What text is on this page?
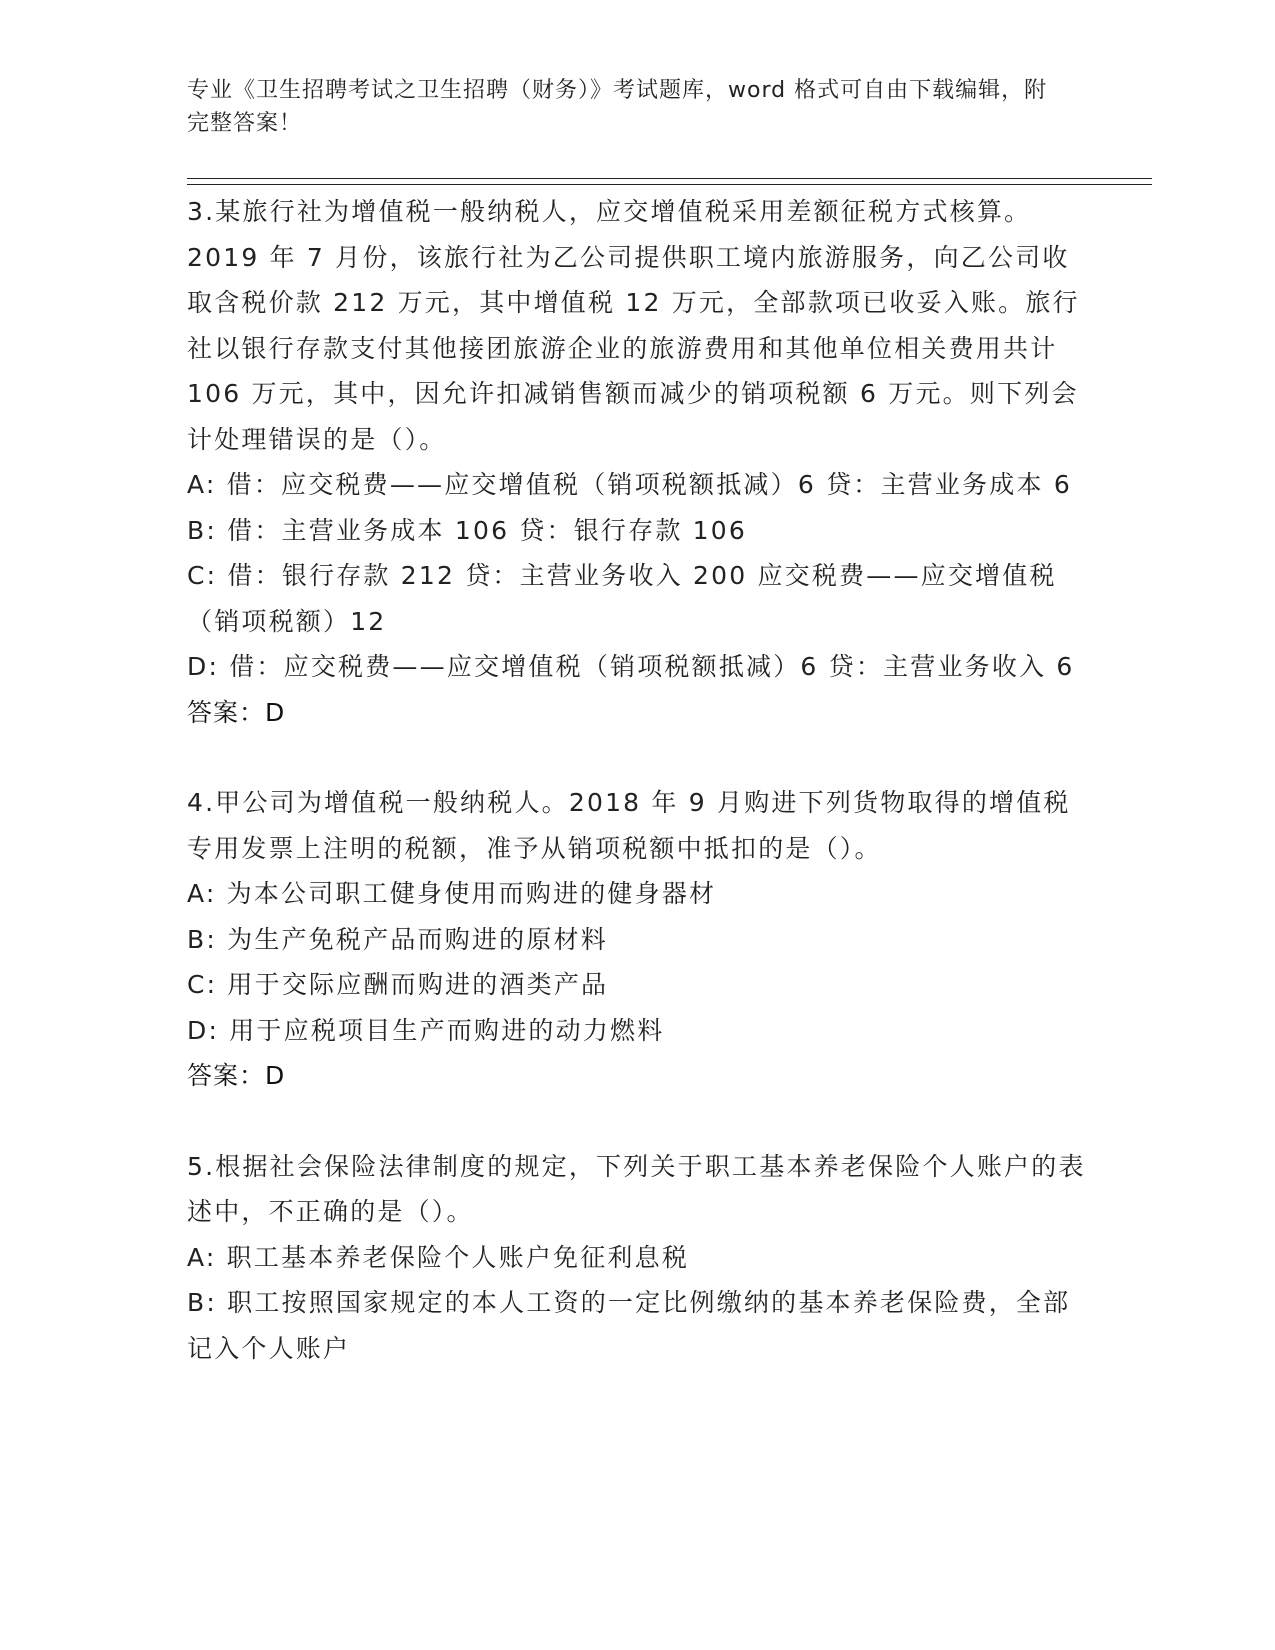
专业《卫生招聘考试之卫生招聘（财务）》考试题库，word 格式可自由下载编辑，附完整答案！
3.某旅行社为增值税一般纳税人，应交增值税采用差额征税方式核算。2019 年 7 月份，该旅行社为乙公司提供职工境内旅游服务，向乙公司收取含税价款 212 万元，其中增值税 12 万元，全部款项已收妥入账。旅行社以银行存款支付其他接团旅游企业的旅游费用和其他单位相关费用共计 106 万元，其中，因允许扣减销售额而减少的销项税额 6 万元。则下列会计处理错误的是（）。
A: 借：应交税费——应交增值税（销项税额抵减）6 贷：主营业务成本 6
B: 借：主营业务成本 106 贷：银行存款 106
C: 借：银行存款 212 贷：主营业务收入 200 应交税费——应交增值税（销项税额）12
D: 借：应交税费——应交增值税（销项税额抵减）6 贷：主营业务收入 6
答案：D
4.甲公司为增值税一般纳税人。2018 年 9 月购进下列货物取得的增值税专用发票上注明的税额，准予从销项税额中抵扣的是（）。
A: 为本公司职工健身使用而购进的健身器材
B: 为生产免税产品而购进的原材料
C: 用于交际应酬而购进的酒类产品
D: 用于应税项目生产而购进的动力燃料
答案：D
5.根据社会保险法律制度的规定，下列关于职工基本养老保险个人账户的表述中，不正确的是（）。
A: 职工基本养老保险个人账户免征利息税
B: 职工按照国家规定的本人工资的一定比例缴纳的基本养老保险费，全部记入个人账户
